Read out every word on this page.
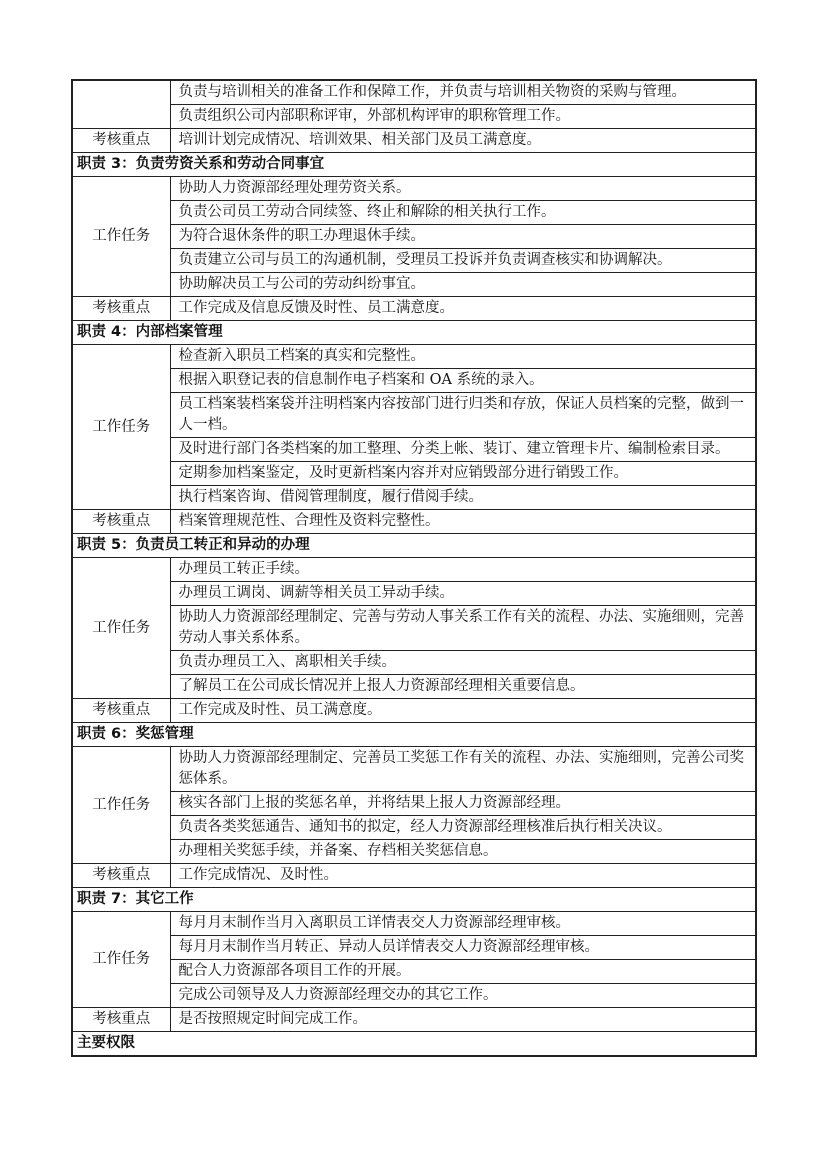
	负责与培训相关的准备工作和保障工作，并负责与培训相关物资的采购与管理。
	负责组织公司内部职称评审，外部机构评审的职称管理工作。
考核重点	培训计划完成情况、培训效果、相关部门及员工满意度。
职责 3：负责劳资关系和劳动合同事宜	
工作任务	协助人力资源部经理处理劳资关系。
	负责公司员工劳动合同续签、终止和解除的相关执行工作。
	为符合退休条件的职工办理退休手续。
	负责建立公司与员工的沟通机制，受理员工投诉并负责调查核实和协调解决。
	协助解决员工与公司的劳动纠纷事宜。
考核重点	工作完成及信息反馈及时性、员工满意度。
职责 4：内部档案管理	
工作任务	检查新入职员工档案的真实和完整性。
	根据入职登记表的信息制作电子档案和 OA 系统的录入。
	员工档案装档案袋并注明档案内容按部门进行归类和存放，保证人员档案的完整，做到一人一档。
	及时进行部门各类档案的加工整理、分类上帐、装订、建立管理卡片、编制检索目录。
	定期参加档案鉴定，及时更新档案内容并对应销毁部分进行销毁工作。
	执行档案咨询、借阅管理制度，履行借阅手续。
考核重点	档案管理规范性、合理性及资料完整性。
职责 5：负责员工转正和异动的办理	
工作任务	办理员工转正手续。
	办理员工调岗、调薪等相关员工异动手续。
	协助人力资源部经理制定、完善与劳动人事关系工作有关的流程、办法、实施细则，完善劳动人事关系体系。
	负责办理员工入、离职相关手续。
	了解员工在公司成长情况并上报人力资源部经理相关重要信息。
考核重点	工作完成及时性、员工满意度。
职责 6：奖惩管理	
工作任务	协助人力资源部经理制定、完善员工奖惩工作有关的流程、办法、实施细则，完善公司奖惩体系。
	核实各部门上报的奖惩名单，并将结果上报人力资源部经理。
	负责各类奖惩通告、通知书的拟定，经人力资源部经理核准后执行相关决议。
	办理相关奖惩手续，并备案、存档相关奖惩信息。
考核重点	工作完成情况、及时性。
职责 7：其它工作	
工作任务	每月月末制作当月入离职员工详情表交人力资源部经理审核。
	每月月末制作当月转正、异动人员详情表交人力资源部经理审核。
	配合人力资源部各项目工作的开展。
	完成公司领导及人力资源部经理交办的其它工作。
考核重点	是否按照规定时间完成工作。
主要权限	
